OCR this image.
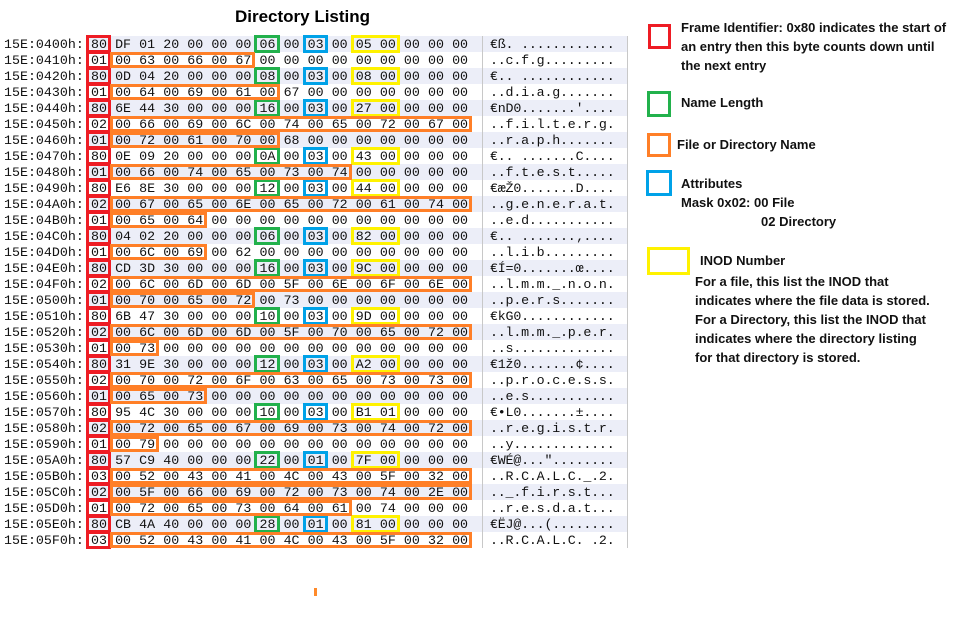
Directory Listing
15E:0400h: 80 DF 01 20 00 00 00 06 00 03 00 05 00 00 00 00	€ß. ............
15E:0410h: 01 00 63 00 66 00 67 00 00 00 00 00 00 00 00 00	..c.f.g.........
15E:0420h: 80 0D 04 20 00 00 00 08 00 03 00 08 00 00 00 00	€.. ............
15E:0430h: 01 00 64 00 69 00 61 00 67 00 00 00 00 00 00 00	..d.i.a.g.......
15E:0440h: 80 6E 44 30 00 00 00 16 00 03 00 27 00 00 00 00	€nD0.......'....
15E:0450h: 02 00 66 00 69 00 6C 00 74 00 65 00 72 00 67 00	..f.i.l.t.e.r.g.
15E:0460h: 01 00 72 00 61 00 70 00 68 00 00 00 00 00 00 00	..r.a.p.h.......
15E:0470h: 80 0E 09 20 00 00 00 0A 00 03 00 43 00 00 00 00	€.. .......C....
15E:0480h: 01 00 66 00 74 00 65 00 73 00 74 00 00 00 00 00	..f.t.e.s.t.....
15E:0490h: 80 E6 8E 30 00 00 00 12 00 03 00 44 00 00 00 00	€æŽ0.......D....
15E:04A0h: 02 00 67 00 65 00 6E 00 65 00 72 00 61 00 74 00	..g.e.n.e.r.a.t.
15E:04B0h: 01 00 65 00 64 00 00 00 00 00 00 00 00 00 00 00	..e.d...........
15E:04C0h: 80 04 02 20 00 00 00 06 00 03 00 82 00 00 00 00	€.. .......‚....
15E:04D0h: 01 00 6C 00 69 00 62 00 00 00 00 00 00 00 00 00	..l.i.b.........
15E:04E0h: 80 CD 3D 30 00 00 00 16 00 03 00 9C 00 00 00 00	€Í=0.......œ....
15E:04F0h: 02 00 6C 00 6D 00 6D 00 5F 00 6E 00 6F 00 6E 00	..l.m.m._.n.o.n.
15E:0500h: 01 00 70 00 65 00 72 00 73 00 00 00 00 00 00 00	..p.e.r.s.......
15E:0510h: 80 6B 47 30 00 00 00 10 00 03 00 9D 00 00 00 00	€kG0............
15E:0520h: 02 00 6C 00 6D 00 6D 00 5F 00 70 00 65 00 72 00	..l.m.m._.p.e.r.
15E:0530h: 01 00 73 00 00 00 00 00 00 00 00 00 00 00 00 00	..s.............
15E:0540h: 80 31 9E 30 00 00 00 12 00 03 00 A2 00 00 00 00	€1ž0.......¢....
15E:0550h: 02 00 70 00 72 00 6F 00 63 00 65 00 73 00 73 00	..p.r.o.c.e.s.s.
15E:0560h: 01 00 65 00 73 00 00 00 00 00 00 00 00 00 00 00	..e.s...........
15E:0570h: 80 95 4C 30 00 00 00 10 00 03 00 B1 01 00 00 00	€•L0.......±....
15E:0580h: 02 00 72 00 65 00 67 00 69 00 73 00 74 00 72 00	..r.e.g.i.s.t.r.
15E:0590h: 01 00 79 00 00 00 00 00 00 00 00 00 00 00 00 00	..y.............
15E:05A0h: 80 57 C9 40 00 00 00 22 00 01 00 7F 00 00 00 00	€WÉ@..."........
15E:05B0h: 03 00 52 00 43 00 41 00 4C 00 43 00 5F 00 32 00	..R.C.A.L.C._.2.
15E:05C0h: 02 00 5F 00 66 00 69 00 72 00 73 00 74 00 2E 00	.._.f.i.r.s.t...
15E:05D0h: 01 00 72 00 65 00 73 00 64 00 61 00 74 00 00 00	..r.e.s.d.a.t...
15E:05E0h: 80 CB 4A 40 00 00 00 28 00 01 00 81 00 00 00 00	€ËJ@...(........
15E:05F0h: 03 00 52 00 43 00 41 00 4C 00 43 00 5F 00 32 00	..R.C.A.L.C. .2.
Frame Identifier: 0x80 indicates the start of
an entry then this byte counts down until
the next entry
Name Length
File or Directory Name
Attributes
Mask 0x02: 00 File
02 Directory
INOD Number
For a file, this list the INOD that
indicates where the file data is stored.
For a Directory, this list the INOD that
indicates where the directory listing
for that directory is stored.
